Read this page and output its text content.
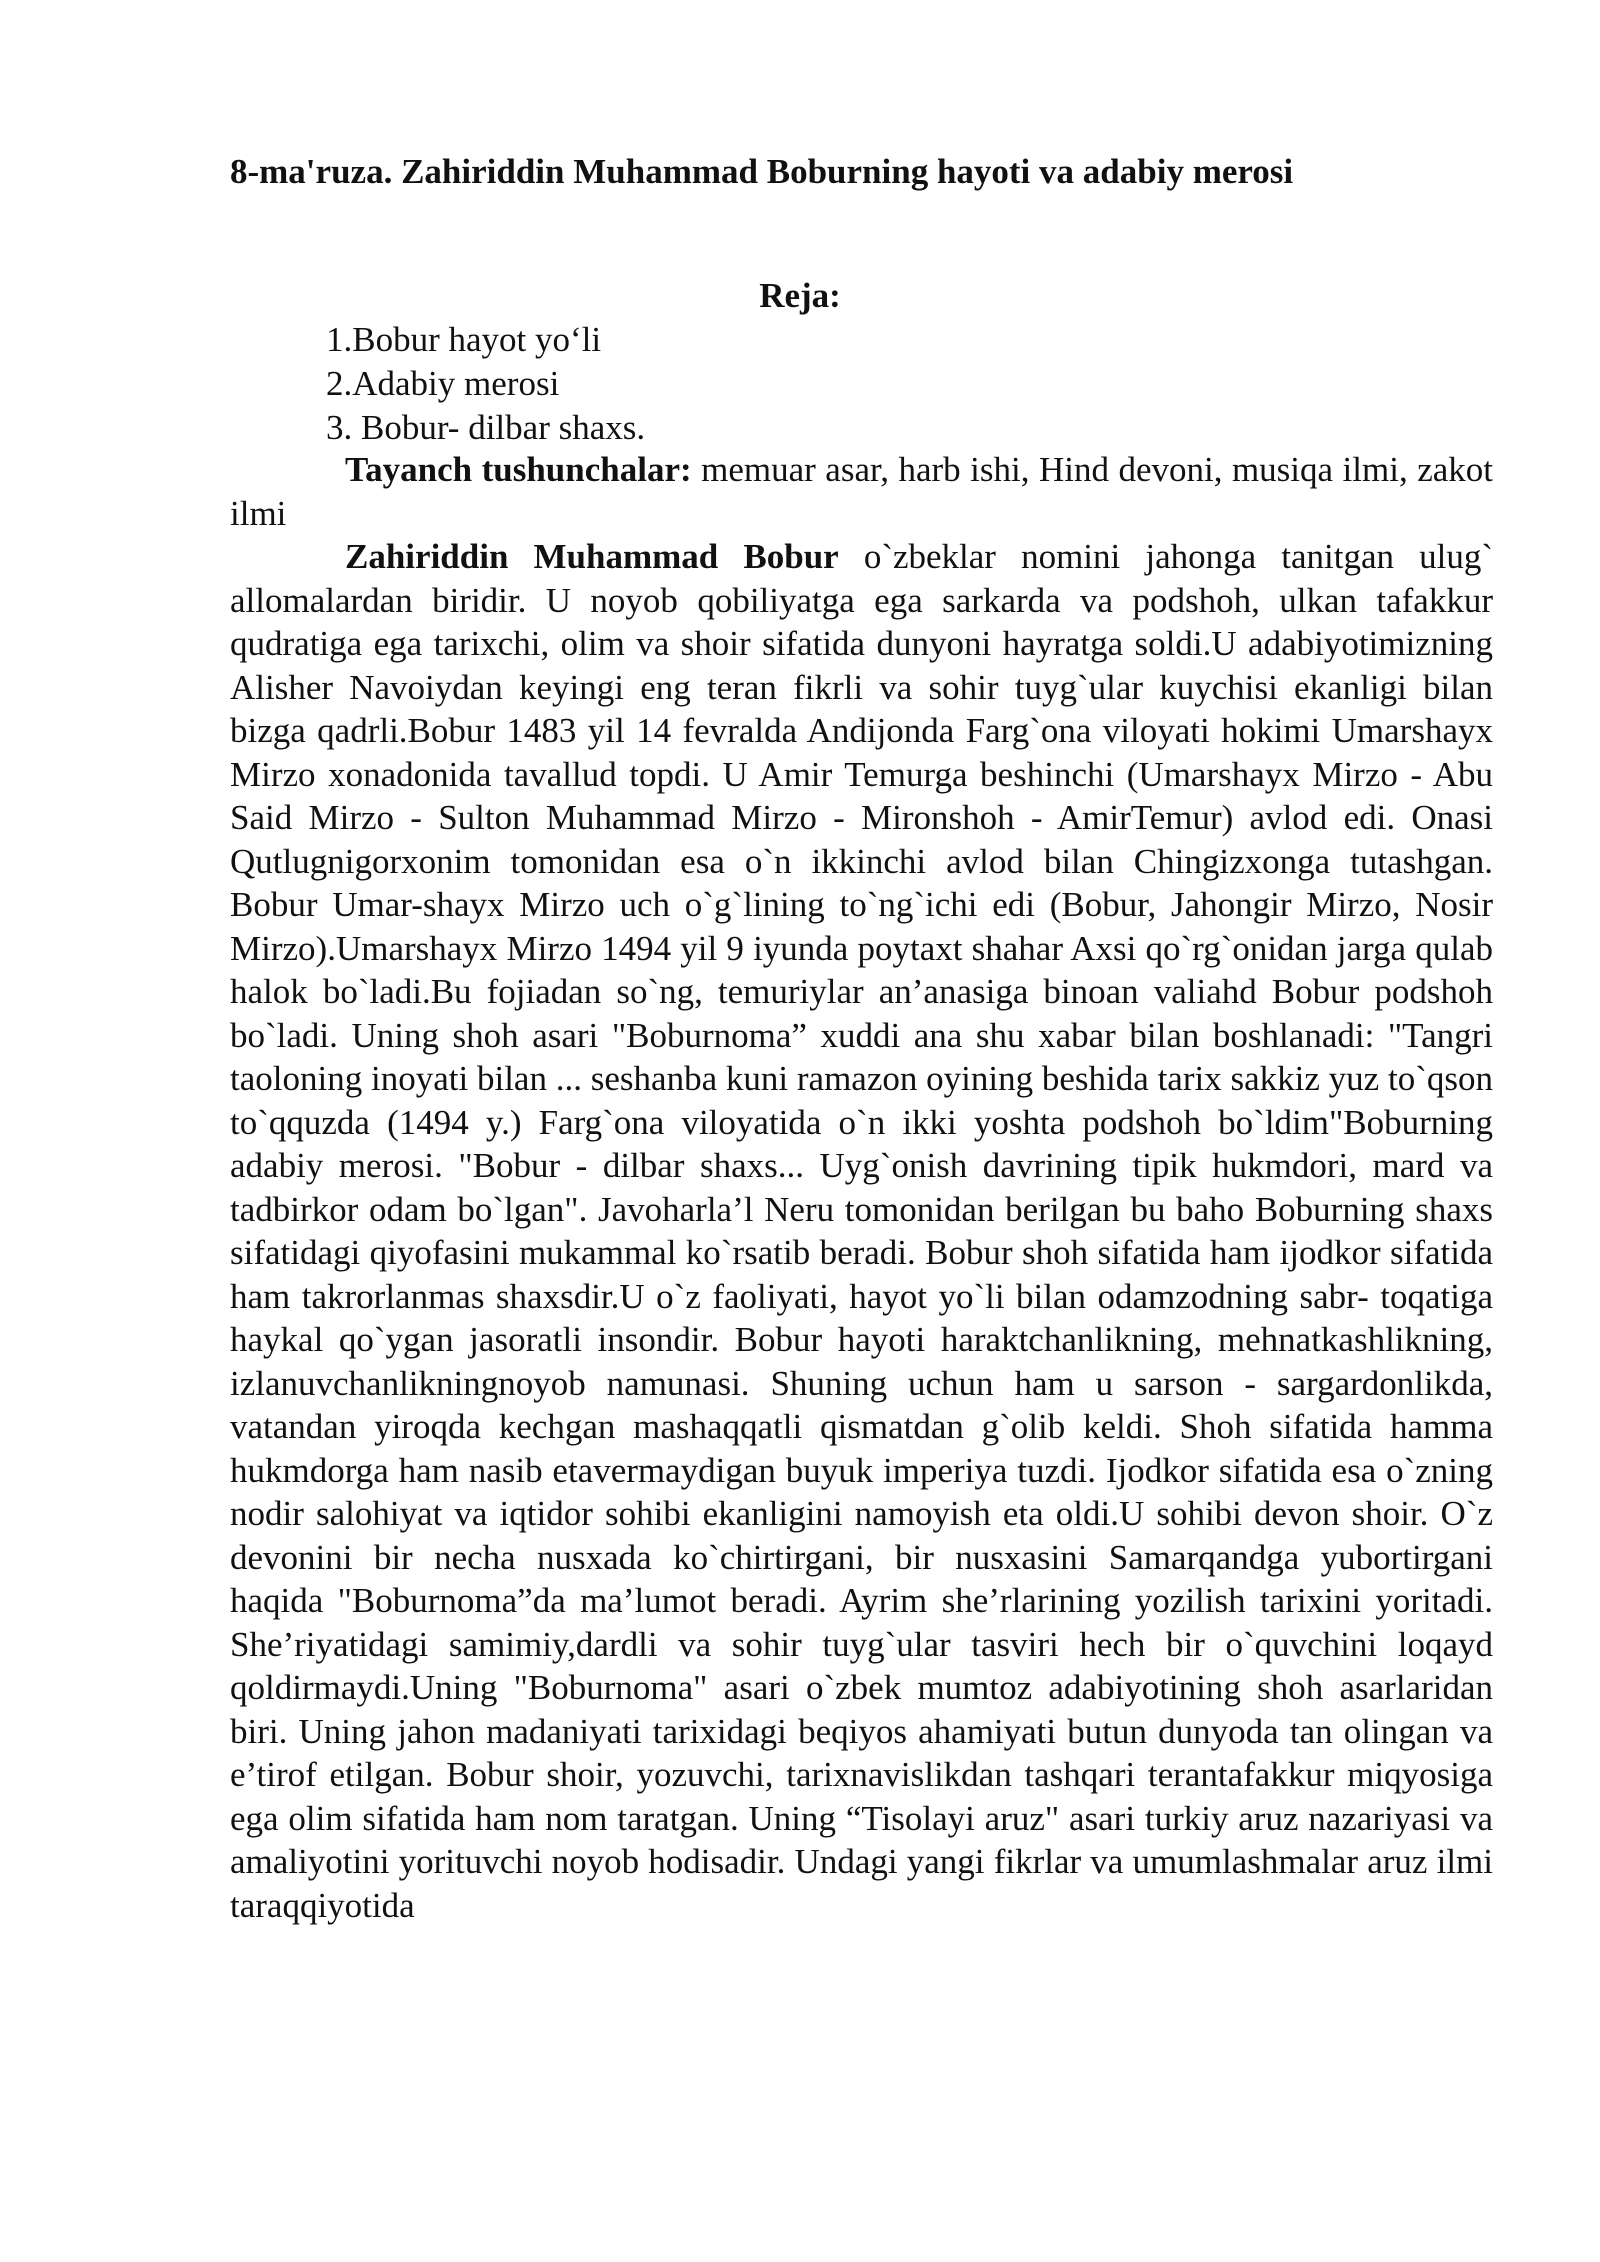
8-ma'ruza. Zahiriddin Muhammad Boburning hayoti va adabiy merosi
Reja:
1.Bobur hayot yo‘li
2.Adabiy merosi
3. Bobur- dilbar shaxs.

Tayanch tushunchalar: memuar asar, harb ishi, Hind devoni, musiqa ilmi, zakot ilmi

Zahiriddin Muhammad Bobur o`zbeklar nomini jahonga tanitgan ulug` allomalardan biridir. U noyob qobiliyatga ega sarkarda va podshoh, ulkan tafakkur qudratiga ega tarixchi, olim va shoir sifatida dunyoni hayratga soldi.U adabiyotimizning Alisher Navoiydan keyingi eng teran fikrli va sohir tuyg`ular kuychisi ekanligi bilan bizga qadrli.Bobur 1483 yil 14 fevralda Andijonda Farg`ona viloyati hokimi Umarshayx Mirzo xonadonida tavallud topdi. U Amir Temurga beshinchi (Umarshayx Mirzo - Abu Said Mirzo - Sulton Muhammad Mirzo - Mironshoh - AmirTemur) avlod edi. Onasi Qutlugnigorxonim tomonidan esa o`n ikkinchi avlod bilan Chingizxonga tutashgan. Bobur Umar-shayx Mirzo uch o`g`lining to`ng`ichi edi (Bobur, Jahongir Mirzo, Nosir Mirzo).Umarshayx Mirzo 1494 yil 9 iyunda poytaxt shahar Axsi qo`rg`onidan jarga qulab halok bo`ladi.Bu fojiadan so`ng, temuriylar an’anasiga binoan valiahd Bobur podshoh bo`ladi. Uning shoh asari "Boburnoma” xuddi ana shu xabar bilan boshlanadi: "Tangri taoloning inoyati bilan ... seshanba kuni ramazon oyining beshida tarix sakkiz yuz to`qson to`qquzda (1494 y.) Farg`ona viloyatida o`n ikki yoshta podshoh bo`ldim"Boburning adabiy merosi. "Bobur - dilbar shaxs... Uyg`onish davrining tipik hukmdori, mard va tadbirkor odam bo`lgan". Javoharla’l Neru tomonidan berilgan bu baho Boburning shaxs sifatidagi qiyofasini mukammal ko`rsatib beradi. Bobur shoh sifatida ham ijodkor sifatida ham takrorlanmas shaxsdir.U o`z faoliyati, hayot yo`li bilan odamzodning sabr- toqatiga haykal qo`ygan jasoratli insondir. Bobur hayoti haraktchanlikning, mehnatkashlikning, izlanuvchanlikningnoyob namunasi. Shuning uchun ham u sarson - sargardonlikda, vatandan yiroqda kechgan mashaqqatli qismatdan g`olib keldi. Shoh sifatida hamma hukmdorga ham nasib etavermaydigan buyuk imperiya tuzdi. Ijodkor sifatida esa o`zning nodir salohiyat va iqtidor sohibi ekanligini namoyish eta oldi.U sohibi devon shoir. O`z devonini bir necha nusxada ko`chirtirgani, bir nusxasini Samarqandga yubortirgani haqida "Boburnoma”da ma’lumot beradi. Ayrim she’rlarining yozilish tarixini yoritadi. She’riyatidagi samimiy,dardli va sohir tuyg`ular tasviri hech bir o`quvchini loqayd qoldirmaydi.Uning "Boburnoma" asari o`zbek mumtoz adabiyotining shoh asarlaridan biri. Uning jahon madaniyati tarixidagi beqiyos ahamiyati butun dunyoda tan olingan va e’tirof etilgan. Bobur shoir, yozuvchi, tarixnavislikdan tashqari terantafakkur miqyosiga ega olim sifatida ham nom taratgan. Uning “Tisolayi aruz" asari turkiy aruz nazariyasi va amaliyotini yorituvchi noyob hodisadir. Undagi yangi fikrlar va umumlashmalar aruz ilmi taraqqiyotida
